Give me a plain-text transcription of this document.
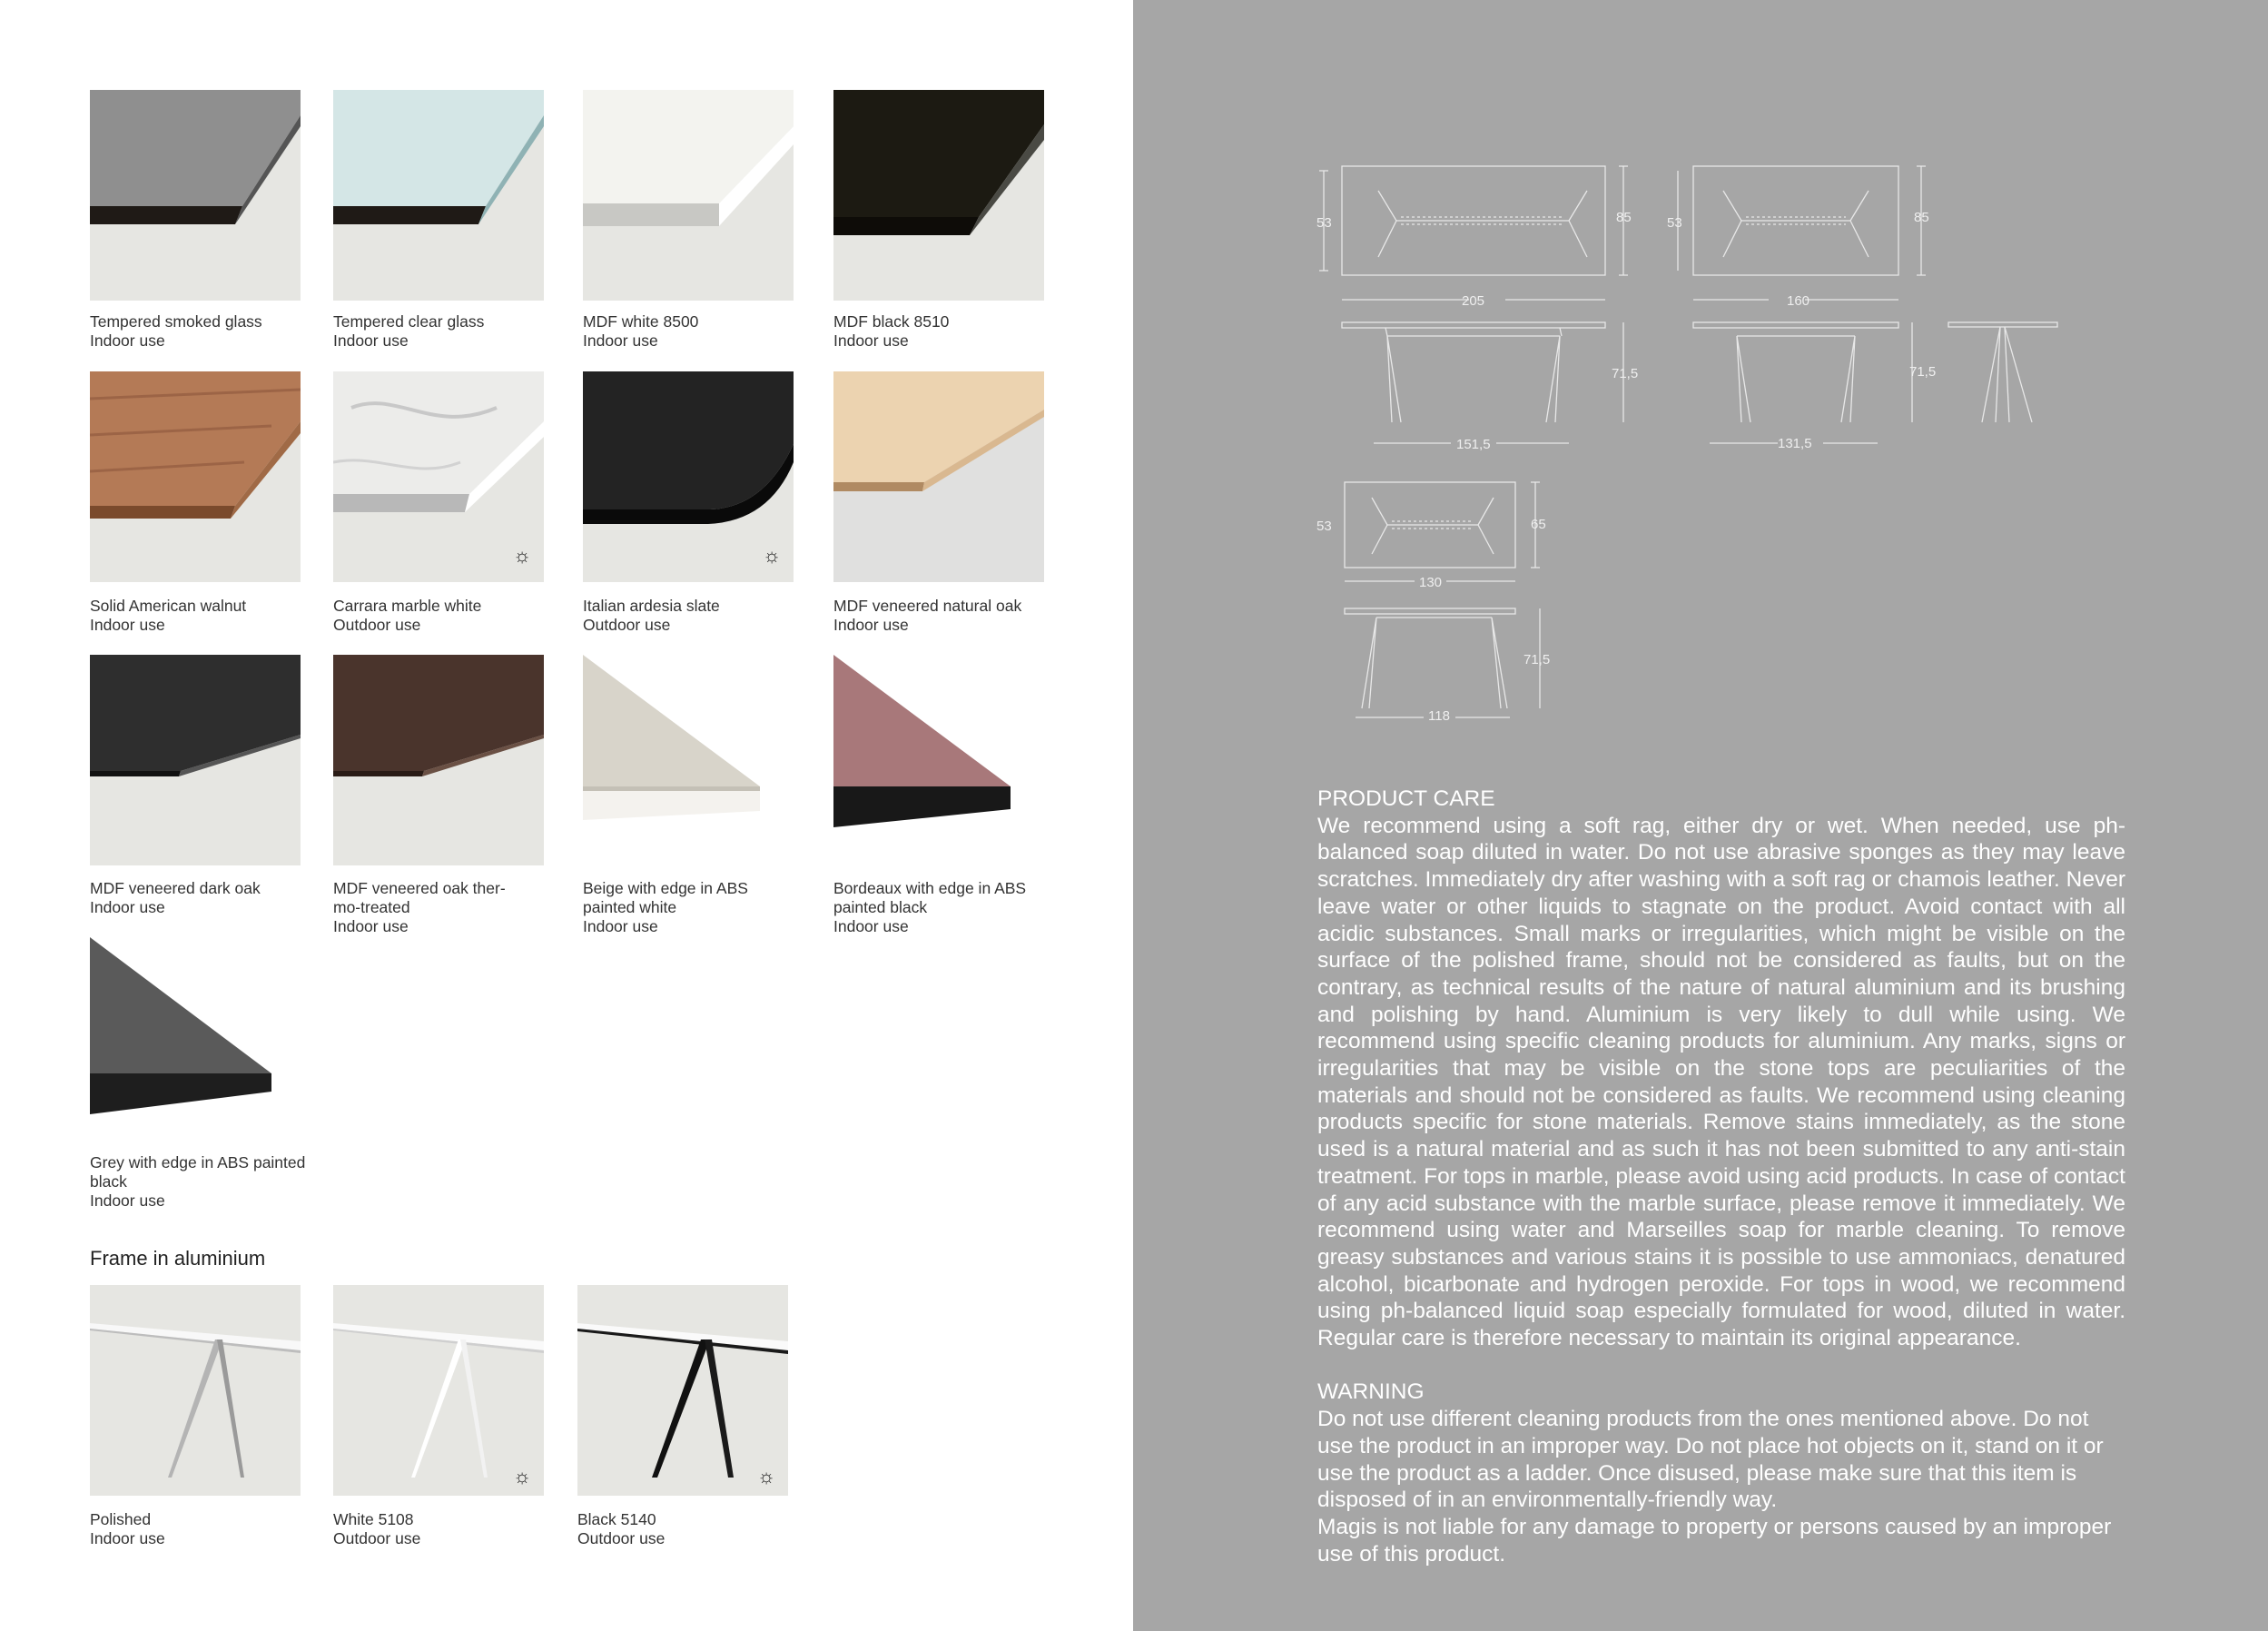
Tempered smoked glass
Indoor use
Tempered clear glass
Indoor use
MDF white 8500
Indoor use
MDF black 8510
Indoor use
Solid American walnut
Indoor use
☼
Carrara marble white
Outdoor use
☼
Italian ardesia slate
Outdoor use
MDF veneered natural oak
Indoor use
MDF veneered dark oak
Indoor use
MDF veneered oak ther-
mo-treated
Indoor use
Beige with edge in ABS
painted white
Indoor use
Bordeaux with edge in ABS
painted black
Indoor use
Grey with edge in ABS painted
black
Indoor use
Frame in aluminium
Polished
Indoor use
☼
White 5108
Outdoor use
☼
Black 5140
Outdoor use
53	85
205
71,5
151,5
53	85
160
71,5
131,5
53	65
130
71,5
118
PRODUCT CARE

We recommend using a soft rag, either dry or wet. When needed, use ph-balanced soap diluted in water. Do not use abrasive sponges as they may leave scratches. Immediately dry after washing with a soft rag or chamois leather. Never leave water or other liquids to stagnate on the product. Avoid contact with all acidic substances. Small marks or irregularities, which might be visible on the surface of the polished frame, should not be considered as faults, but on the contrary, as technical results of the nature of natural aluminium and its brushing and polishing by hand. Aluminium is very likely to dull while using. We recommend using specific cleaning products for aluminium. Any marks, signs or irregularities that may be visible on the stone tops are peculiarities of the materials and should not be considered as faults. We recommend using cleaning products specific for stone materials. Remove stains immediately, as the stone used is a natural material and as such it has not been submitted to any anti-stain treatment. For tops in marble, please avoid using acid products. In case of contact of any acid substance with the marble surface, please remove it immediately. We recommend using water and Marseilles soap for marble cleaning. To remove greasy substances and various stains it is possible to use ammoniacs, denatured alcohol, bicarbonate and hydrogen peroxide. For tops in wood, we recommend using ph-balanced liquid soap especially formulated for wood, diluted in water. Regular care is therefore necessary to maintain its original appearance.

WARNING

Do not use different cleaning products from the ones mentioned above. Do not use the product in an improper way. Do not place hot objects on it, stand on it or use the product as a ladder. Once disused, please make sure that this item is disposed of in an environmentally-friendly way.

Magis is not liable for any damage to property or persons caused by an improper use of this product.
